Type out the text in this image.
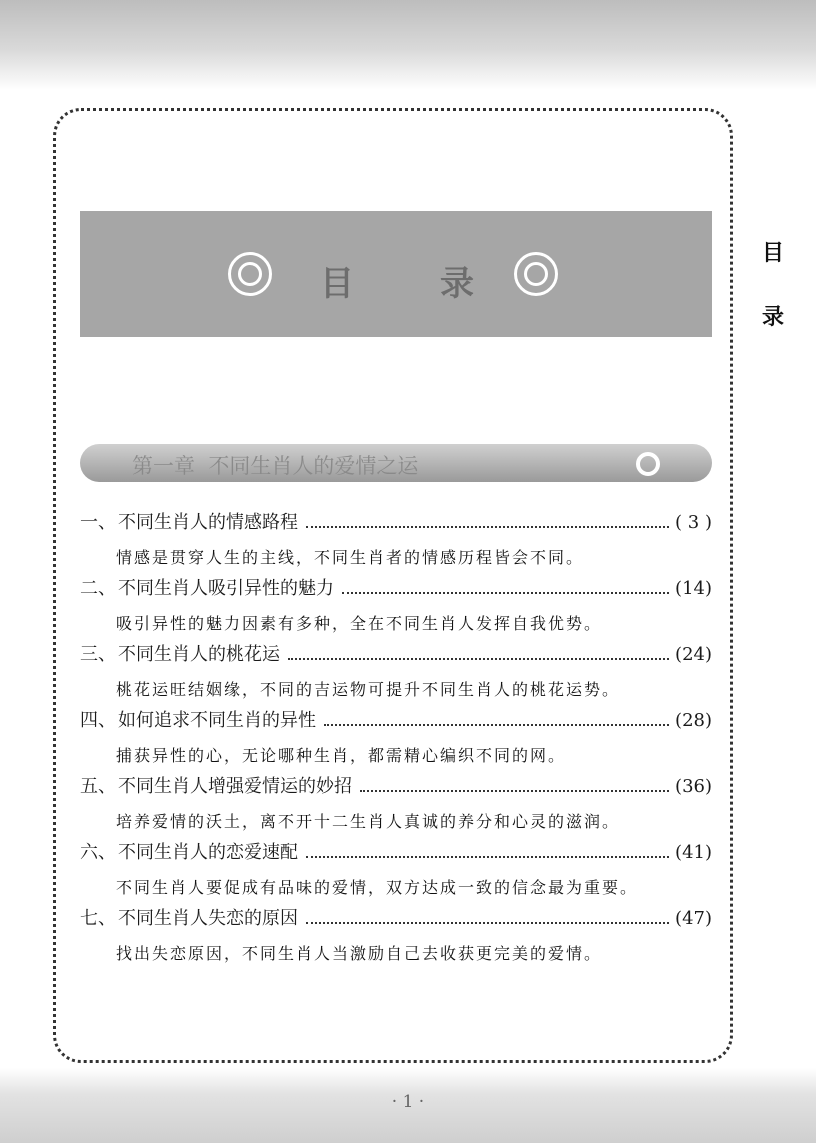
目	录
目
录
第一章  不同生肖人的爱情之运
一、 不同生肖人的情感路程	( 3 )
情感是贯穿人生的主线，不同生肖者的情感历程皆会不同。
二、 不同生肖人吸引异性的魅力	(14)
吸引异性的魅力因素有多种，全在不同生肖人发挥自我优势。
三、 不同生肖人的桃花运	(24)
桃花运旺结姻缘，不同的吉运物可提升不同生肖人的桃花运势。
四、 如何追求不同生肖的异性	(28)
捕获异性的心，无论哪种生肖，都需精心编织不同的网。
五、 不同生肖人增强爱情运的妙招	(36)
培养爱情的沃土，离不开十二生肖人真诚的养分和心灵的滋润。
六、 不同生肖人的恋爱速配	(41)
不同生肖人要促成有品味的爱情，双方达成一致的信念最为重要。
七、 不同生肖人失恋的原因	(47)
找出失恋原因，不同生肖人当激励自己去收获更完美的爱情。
· 1 ·
